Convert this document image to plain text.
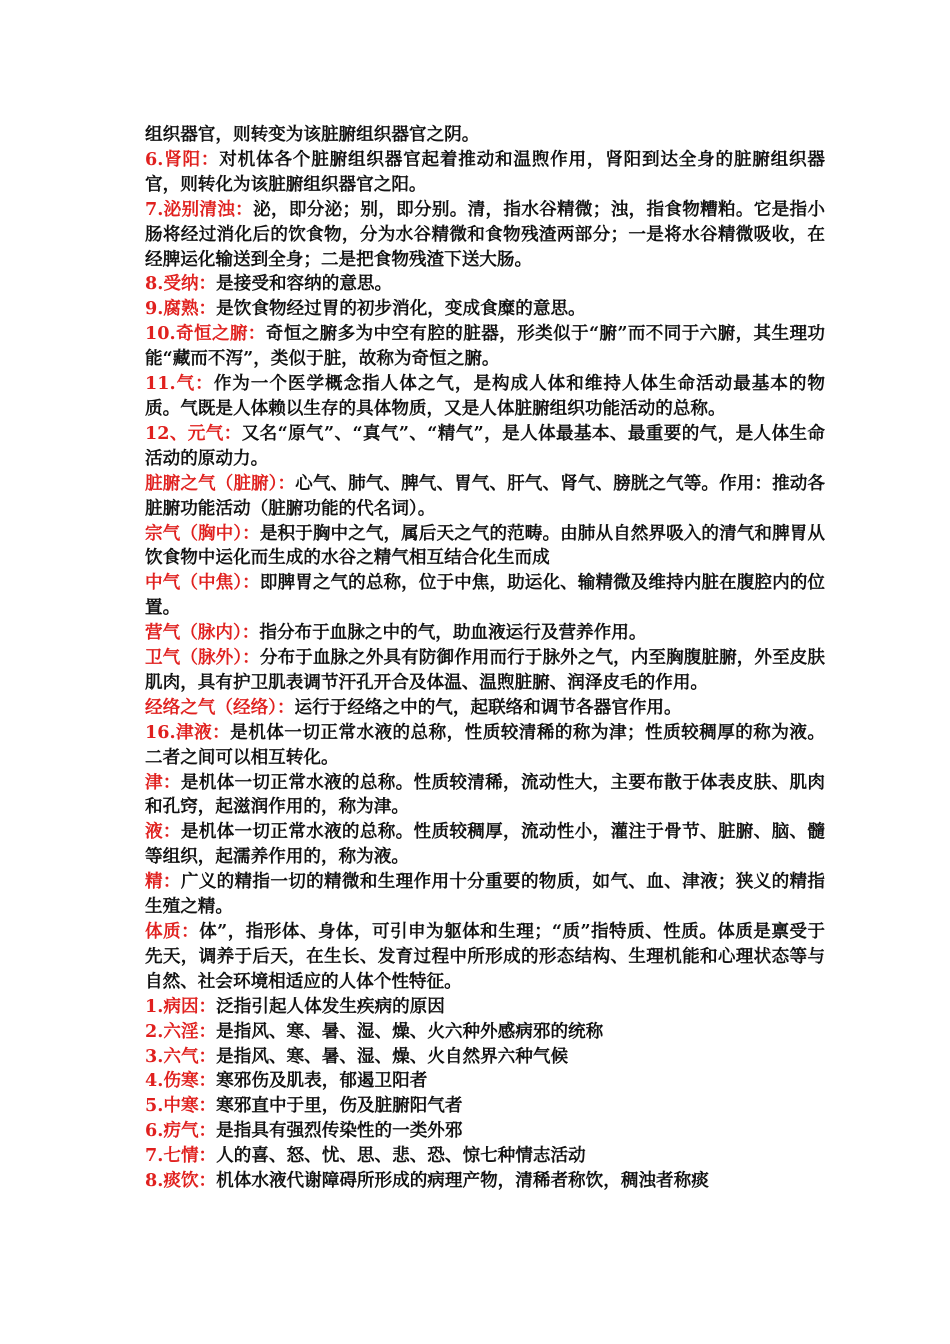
组织器官，则转变为该脏腑组织器官之阴。

6.肾阳：对机体各个脏腑组织器官起着推动和温煦作用，肾阳到达全身的脏腑组织器官，则转化为该脏腑组织器官之阳。

7.泌别清浊：泌，即分泌；别，即分别。清，指水谷精微；浊，指食物糟粕。它是指小肠将经过消化后的饮食物，分为水谷精微和食物残渣两部分；一是将水谷精微吸收，在经脾运化输送到全身；二是把食物残渣下送大肠。

8.受纳：是接受和容纳的意思。

9.腐熟：是饮食物经过胃的初步消化，变成食糜的意思。

10.奇恒之腑：奇恒之腑多为中空有腔的脏器，形类似于“腑”而不同于六腑，其生理功能“藏而不泻”，类似于脏，故称为奇恒之腑。

11.气：作为一个医学概念指人体之气，是构成人体和维持人体生命活动最基本的物质。气既是人体赖以生存的具体物质，又是人体脏腑组织功能活动的总称。

12、元气：又名“原气”、“真气”、“精气”，是人体最基本、最重要的气，是人体生命活动的原动力。

脏腑之气（脏腑）：心气、肺气、脾气、胃气、肝气、肾气、膀胱之气等。作用：推动各脏腑功能活动（脏腑功能的代名词）。

宗气（胸中）：是积于胸中之气，属后天之气的范畴。由肺从自然界吸入的清气和脾胃从饮食物中运化而生成的水谷之精气相互结合化生而成

中气（中焦）：即脾胃之气的总称，位于中焦，助运化、输精微及维持内脏在腹腔内的位置。

营气（脉内）：指分布于血脉之中的气，助血液运行及营养作用。

卫气（脉外）：分布于血脉之外具有防御作用而行于脉外之气，内至胸腹脏腑，外至皮肤肌肉，具有护卫肌表调节汗孔开合及体温、温煦脏腑、润泽皮毛的作用。

经络之气（经络）：运行于经络之中的气，起联络和调节各器官作用。

16.津液：是机体一切正常水液的总称，性质较清稀的称为津；性质较稠厚的称为液。二者之间可以相互转化。

津：是机体一切正常水液的总称。性质较清稀，流动性大，主要布散于体表皮肤、肌肉和孔窍，起滋润作用的，称为津。

液：是机体一切正常水液的总称。性质较稠厚，流动性小，灌注于骨节、脏腑、脑、髓等组织，起濡养作用的，称为液。

精：广义的精指一切的精微和生理作用十分重要的物质，如气、血、津液；狭义的精指生殖之精。

体质：体”，指形体、身体，可引申为躯体和生理；“质”指特质、性质。体质是禀受于先天，调养于后天，在生长、发育过程中所形成的形态结构、生理机能和心理状态等与自然、社会环境相适应的人体个性特征。

1.病因：泛指引起人体发生疾病的原因

2.六淫：是指风、寒、暑、湿、燥、火六种外感病邪的统称

3.六气：是指风、寒、暑、湿、燥、火自然界六种气候

4.伤寒：寒邪伤及肌表，郁遏卫阳者

5.中寒：寒邪直中于里，伤及脏腑阳气者

6.疠气：是指具有强烈传染性的一类外邪

7.七情：人的喜、怒、忧、思、悲、恐、惊七种情志活动

8.痰饮：机体水液代谢障碍所形成的病理产物，清稀者称饮，稠浊者称痰
